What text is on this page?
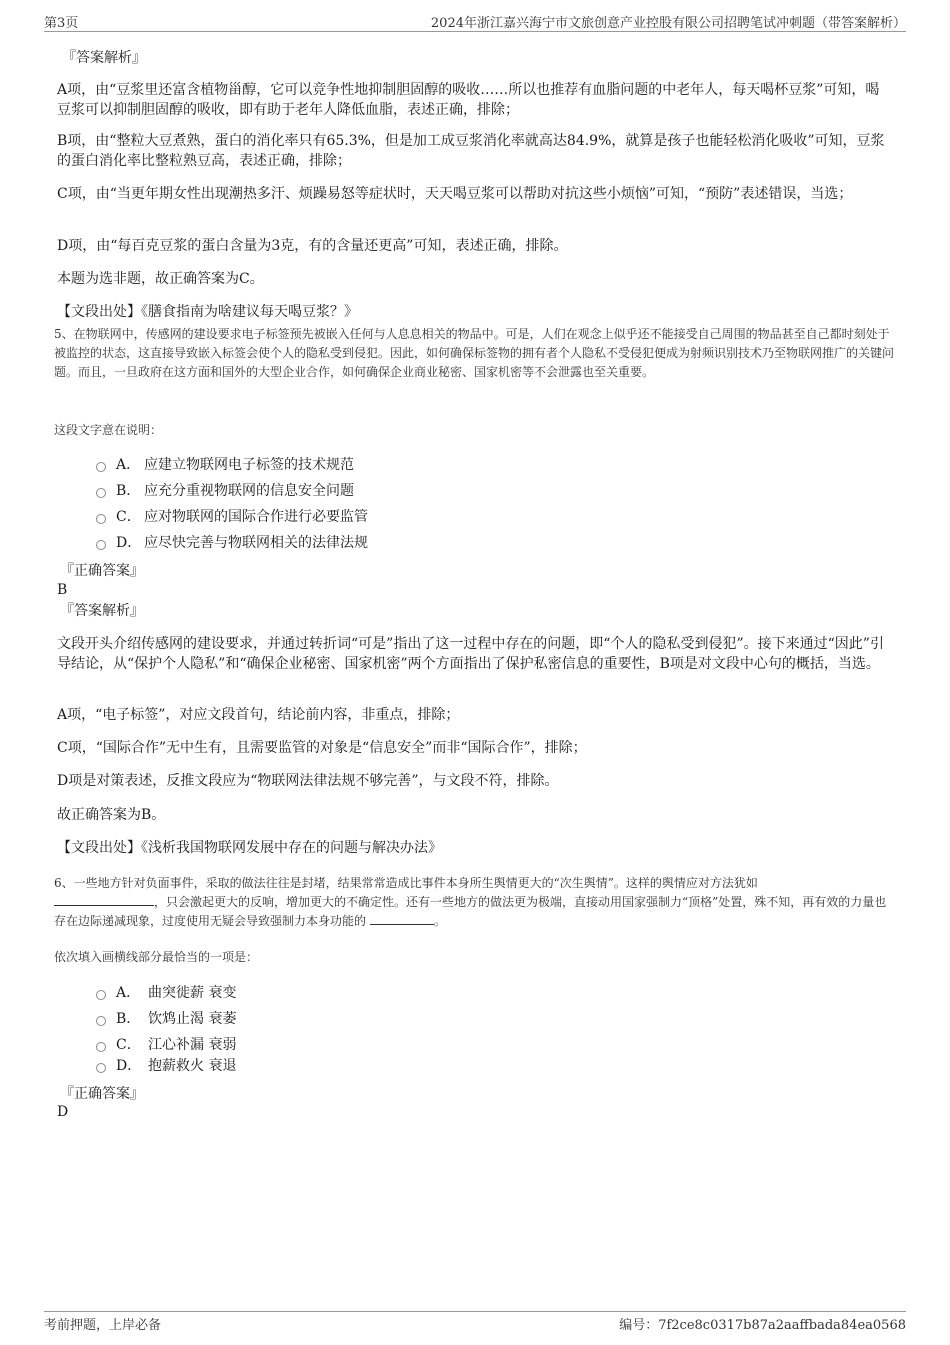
第3页	2024年浙江嘉兴海宁市文旅创意产业控股有限公司招聘笔试冲刺题（带答案解析）
『答案解析』
A项，由“豆浆里还富含植物甾醇，它可以竞争性地抑制胆固醇的吸收……所以也推荐有血脂问题的中老年人，每天喝杯豆浆”可知，喝豆浆可以抑制胆固醇的吸收，即有助于老年人降低血脂，表述正确，排除；
B项，由“整粒大豆煮熟，蛋白的消化率只有65.3%，但是加工成豆浆消化率就高达84.9%，就算是孩子也能轻松消化吸收”可知，豆浆的蛋白消化率比整粒熟豆高，表述正确，排除；
C项，由“当更年期女性出现潮热多汗、烦躁易怒等症状时，天天喝豆浆可以帮助对抗这些小烦恼”可知，“预防”表述错误，当选；
D项，由“每百克豆浆的蛋白含量为3克，有的含量还更高”可知，表述正确，排除。
本题为选非题，故正确答案为C。
【文段出处】《膳食指南为啥建议每天喝豆浆？》
5、在物联网中，传感网的建设要求电子标签预先被嵌入任何与人息息相关的物品中。可是，人们在观念上似乎还不能接受自己周围的物品甚至自己都时刻处于被监控的状态，这直接导致嵌入标签会使个人的隐私受到侵犯。因此，如何确保标签物的拥有者个人隐私不受侵犯便成为射频识别技术乃至物联网推广的关键问题。而且，一旦政府在这方面和国外的大型企业合作，如何确保企业商业秘密、国家机密等不会泄露也至关重要。
这段文字意在说明：
A． 应建立物联网电子标签的技术规范
B． 应充分重视物联网的信息安全问题
C． 应对物联网的国际合作进行必要监管
D． 应尽快完善与物联网相关的法律法规
『正确答案』
B
『答案解析』
文段开头介绍传感网的建设要求，并通过转折词“可是”指出了这一过程中存在的问题，即“个人的隐私受到侵犯”。接下来通过“因此”引导结论，从“保护个人隐私”和“确保企业秘密、国家机密”两个方面指出了保护私密信息的重要性，B项是对文段中心句的概括，当选。
A项，“电子标签”，对应文段首句，结论前内容，非重点，排除；
C项，“国际合作”无中生有，且需要监管的对象是“信息安全”而非“国际合作”，排除；
D项是对策表述，反推文段应为“物联网法律法规不够完善”，与文段不符，排除。
故正确答案为B。
【文段出处】《浅析我国物联网发展中存在的问题与解决办法》
6、一些地方针对负面事件，采取的做法往往是封堵，结果常常造成比事件本身所生舆情更大的“次生舆情”。这样的舆情应对方法犹如
，只会激起更大的反响，增加更大的不确定性。还有一些地方的做法更为极端，直接动用国家强制力“顶格”处置，殊不知，再有效的力量也存在边际递减现象，过度使用无疑会导致强制力本身功能的	。
依次填入画横线部分最恰当的一项是：
A． 曲突徙薪 衰变
B． 饮鸩止渴 衰萎
C． 江心补漏 衰弱
D． 抱薪救火 衰退
『正确答案』
D
考前押题，上岸必备	编号：7f2ce8c0317b87a2aaffbada84ea0568
